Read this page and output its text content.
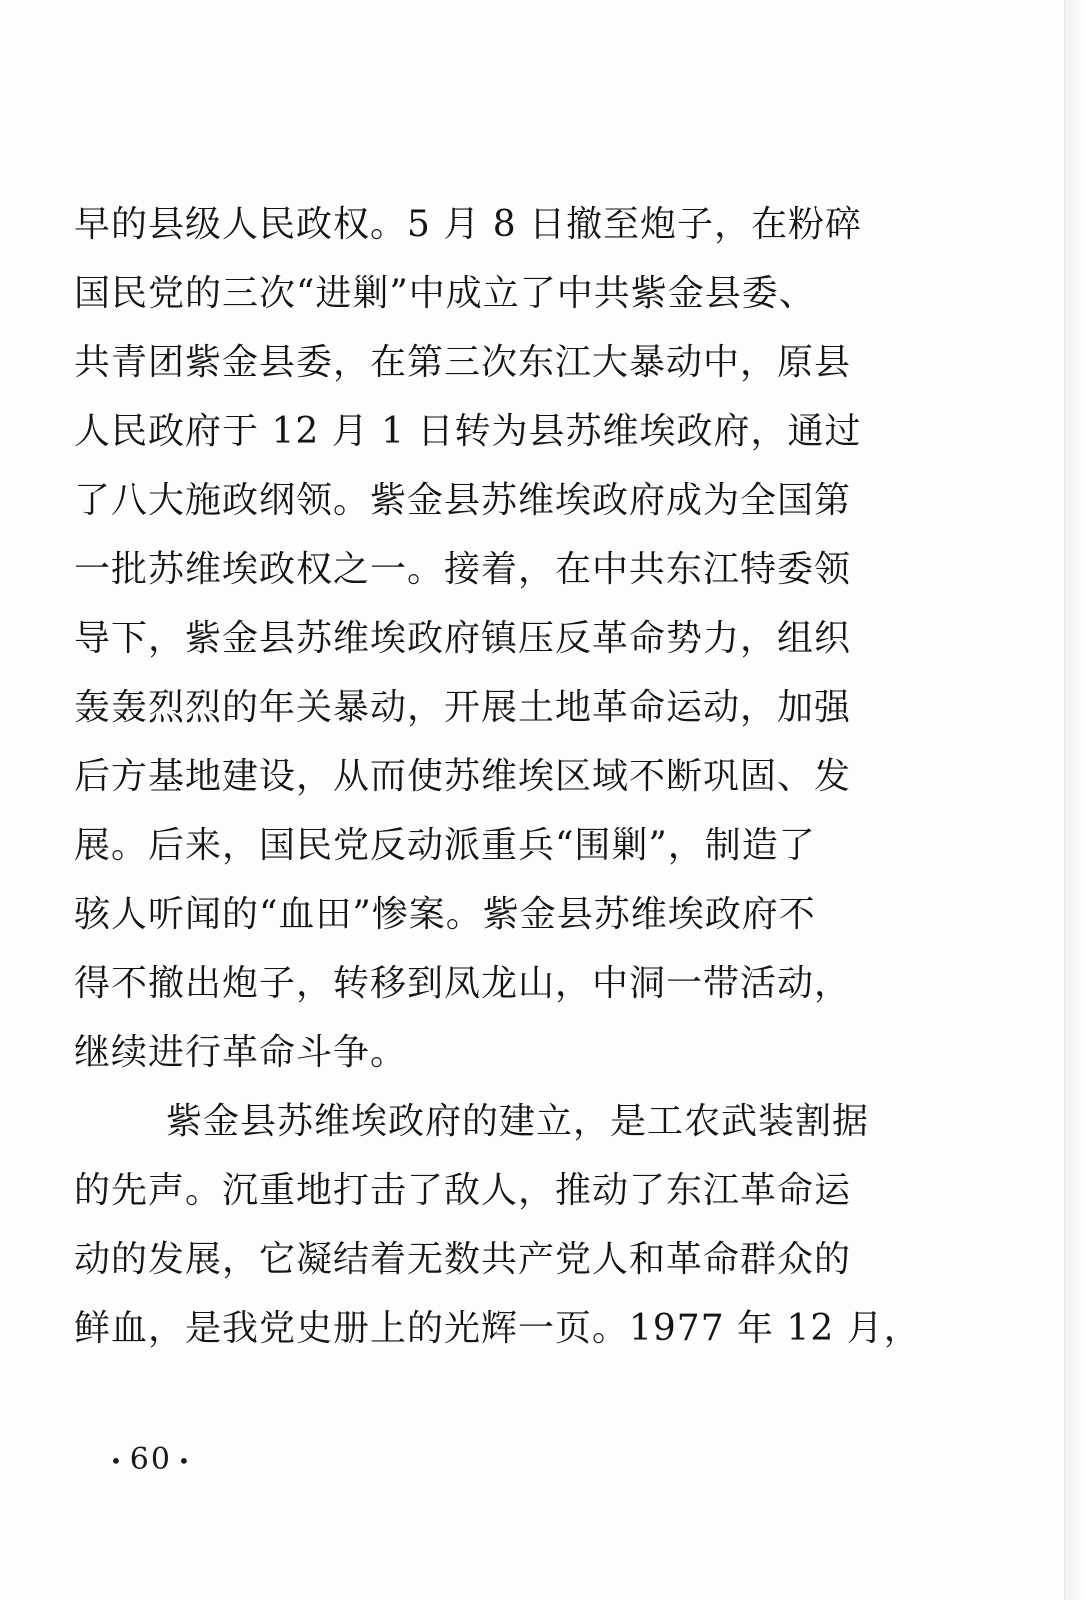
早的县级人民政权。5 月 8 日撤至炮子，在粉碎
国民党的三次“进剿”中成立了中共紫金县委、
共青团紫金县委，在第三次东江大暴动中，原县
人民政府于 12 月 1 日转为县苏维埃政府，通过
了八大施政纲领。紫金县苏维埃政府成为全国第
一批苏维埃政权之一。接着，在中共东江特委领
导下，紫金县苏维埃政府镇压反革命势力，组织
轰轰烈烈的年关暴动，开展土地革命运动，加强
后方基地建设，从而使苏维埃区域不断巩固、发
展。后来，国民党反动派重兵“围剿”，制造了
骇人听闻的“血田”惨案。紫金县苏维埃政府不
得不撤出炮子，转移到凤龙山，中洞一带活动，
继续进行革命斗争。
紫金县苏维埃政府的建立，是工农武装割据
的先声。沉重地打击了敌人，推动了东江革命运
动的发展，它凝结着无数共产党人和革命群众的
鲜血，是我党史册上的光辉一页。1977 年 12 月，
• 60 •
